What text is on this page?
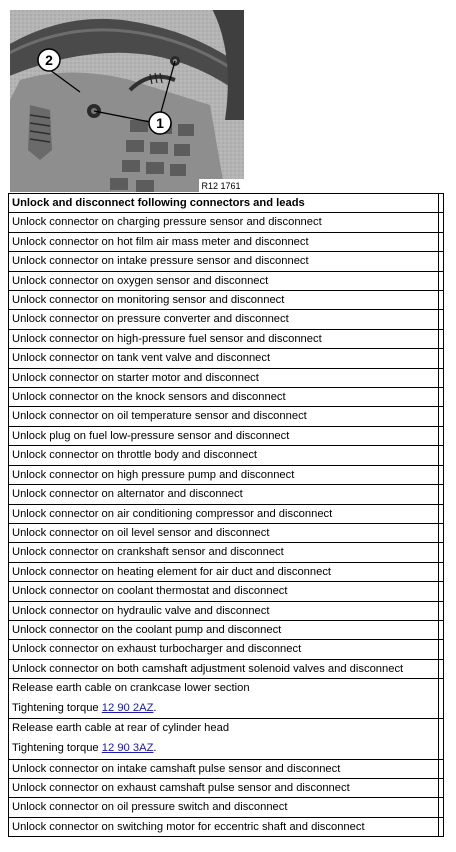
1
2
R12 1761
Unlock and disconnect following connectors and leads	
Unlock connector on charging pressure sensor and disconnect	
Unlock connector on hot film air mass meter and disconnect	
Unlock connector on intake pressure sensor and disconnect	
Unlock connector on oxygen sensor and disconnect	
Unlock connector on monitoring sensor and disconnect	
Unlock connector on pressure converter and disconnect	
Unlock connector on high-pressure fuel sensor and disconnect	
Unlock connector on tank vent valve and disconnect	
Unlock connector on starter motor and disconnect	
Unlock connector on the knock sensors and disconnect	
Unlock connector on oil temperature sensor and disconnect	
Unlock plug on fuel low-pressure sensor and disconnect	
Unlock connector on throttle body and disconnect	
Unlock connector on high pressure pump and disconnect	
Unlock connector on alternator and disconnect	
Unlock connector on air conditioning compressor and disconnect	
Unlock connector on oil level sensor and disconnect	
Unlock connector on crankshaft sensor and disconnect	
Unlock connector on heating element for air duct and disconnect	
Unlock connector on coolant thermostat and disconnect	
Unlock connector on hydraulic valve and disconnect	
Unlock connector on the coolant pump and disconnect	
Unlock connector on exhaust turbocharger and disconnect	
Unlock connector on both camshaft adjustment solenoid valves and disconnect	

Release earth cable on crankcase lower section
Tightening torque 12 90 2AZ.	

Release earth cable at rear of cylinder head
Tightening torque 12 90 3AZ.	

Unlock connector on intake camshaft pulse sensor and disconnect	
Unlock connector on exhaust camshaft pulse sensor and disconnect	
Unlock connector on oil pressure switch and disconnect	
Unlock connector on switching motor for eccentric shaft and disconnect	
